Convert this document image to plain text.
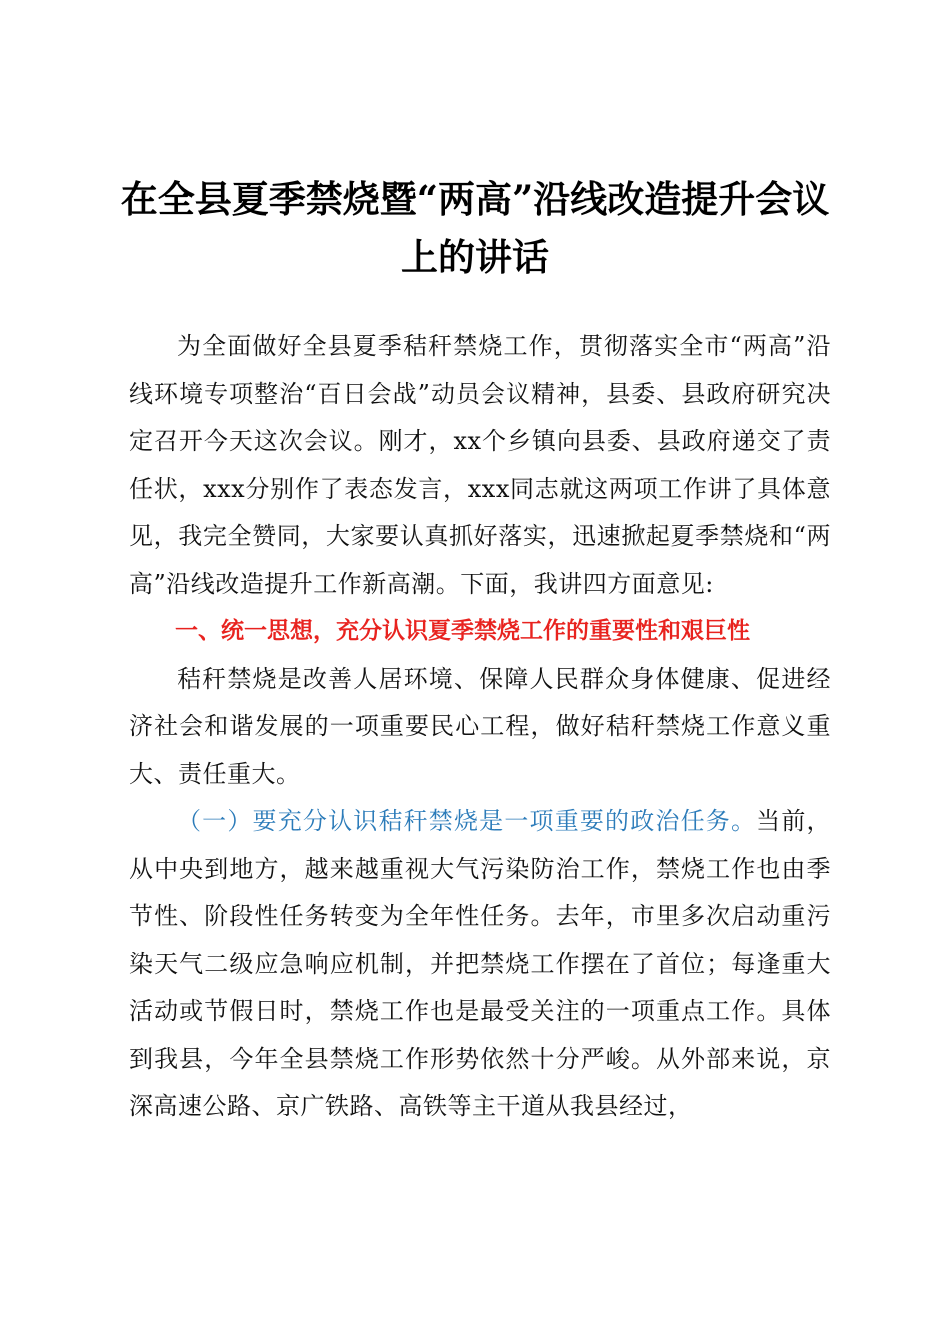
在全县夏季禁烧暨“两高”沿线改造提升会议
上的讲话

为全面做好全县夏季秸秆禁烧工作，贯彻落实全市“两高”沿线环境专项整治“百日会战”动员会议精神，县委、县政府研究决定召开今天这次会议。刚才，xx个乡镇向县委、县政府递交了责任状，xxx分别作了表态发言，xxx同志就这两项工作讲了具体意见，我完全赞同，大家要认真抓好落实，迅速掀起夏季禁烧和“两高”沿线改造提升工作新高潮。下面，我讲四方面意见:

一、统一思想，充分认识夏季禁烧工作的重要性和艰巨性

秸秆禁烧是改善人居环境、保障人民群众身体健康、促进经济社会和谐发展的一项重要民心工程，做好秸秆禁烧工作意义重大、责任重大。

（一）要充分认识秸秆禁烧是一项重要的政治任务。当前，从中央到地方，越来越重视大气污染防治工作，禁烧工作也由季节性、阶段性任务转变为全年性任务。去年，市里多次启动重污染天气二级应急响应机制，并把禁烧工作摆在了首位；每逢重大活动或节假日时，禁烧工作也是最受关注的一项重点工作。具体到我县，今年全县禁烧工作形势依然十分严峻。从外部来说，京深高速公路、京广铁路、高铁等主干道从我县经过，
